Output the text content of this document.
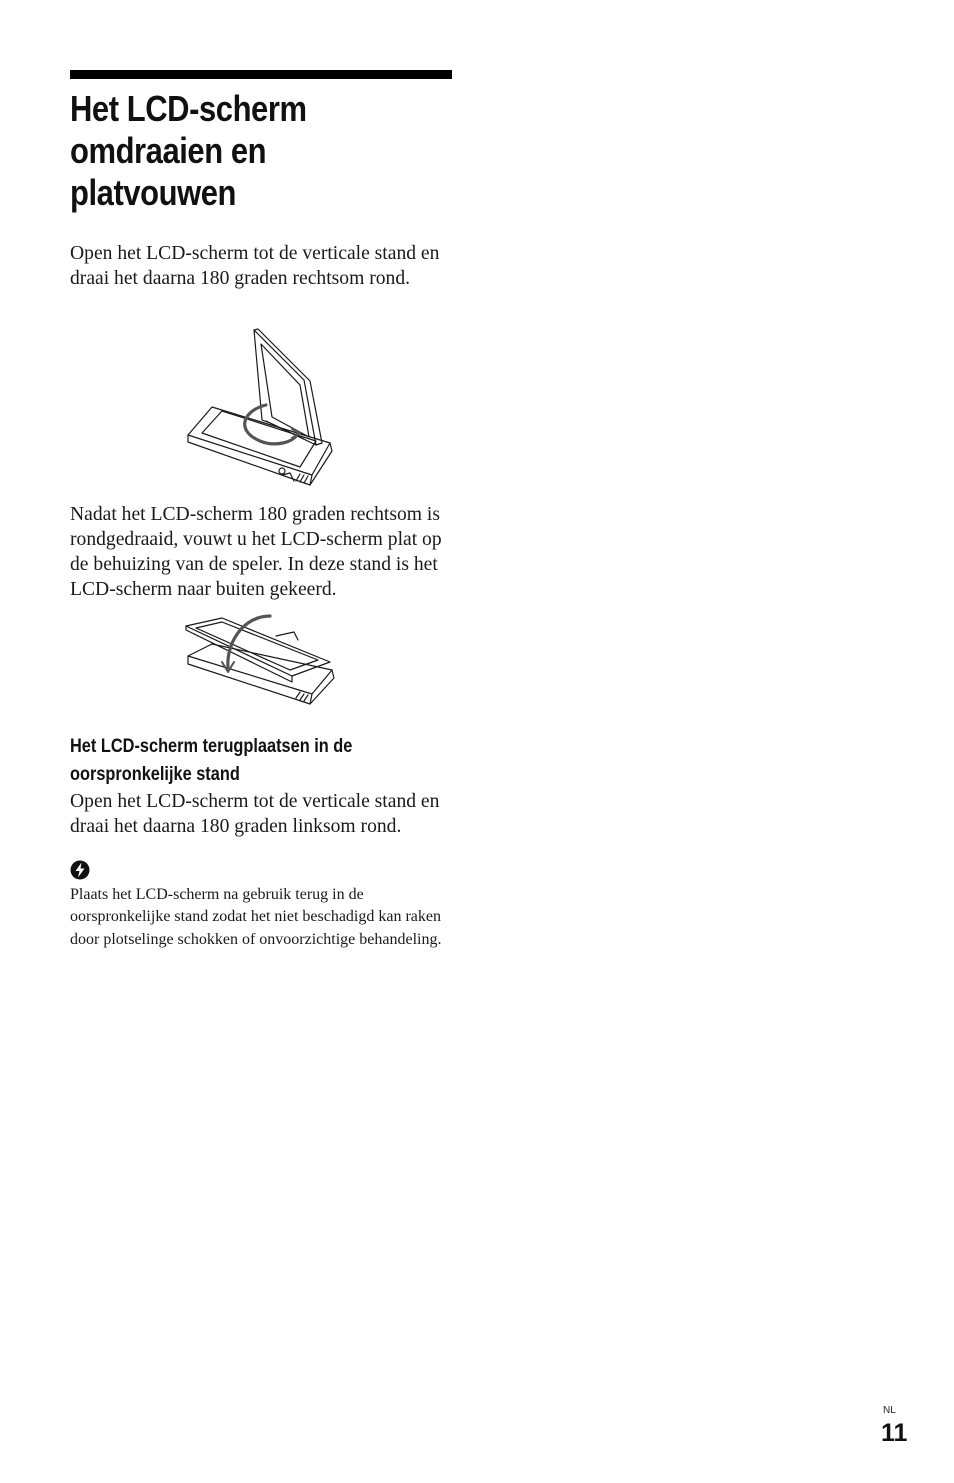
Het LCD-scherm
omdraaien en
platvouwen

Open het LCD-scherm tot de verticale stand en draai het daarna 180 graden rechtsom rond.

Nadat het LCD-scherm 180 graden rechtsom is rondgedraaid, vouwt u het LCD-scherm plat op de behuizing van de speler. In deze stand is het LCD-scherm naar buiten gekeerd.

Het LCD-scherm terugplaatsen in de
oorspronkelijke stand

Open het LCD-scherm tot de verticale stand en draai het daarna 180 graden linksom rond.

Plaats het LCD-scherm na gebruik terug in de oorspronkelijke stand zodat het niet beschadigd kan raken door plotselinge schokken of onvoorzichtige behandeling.

NL
11
